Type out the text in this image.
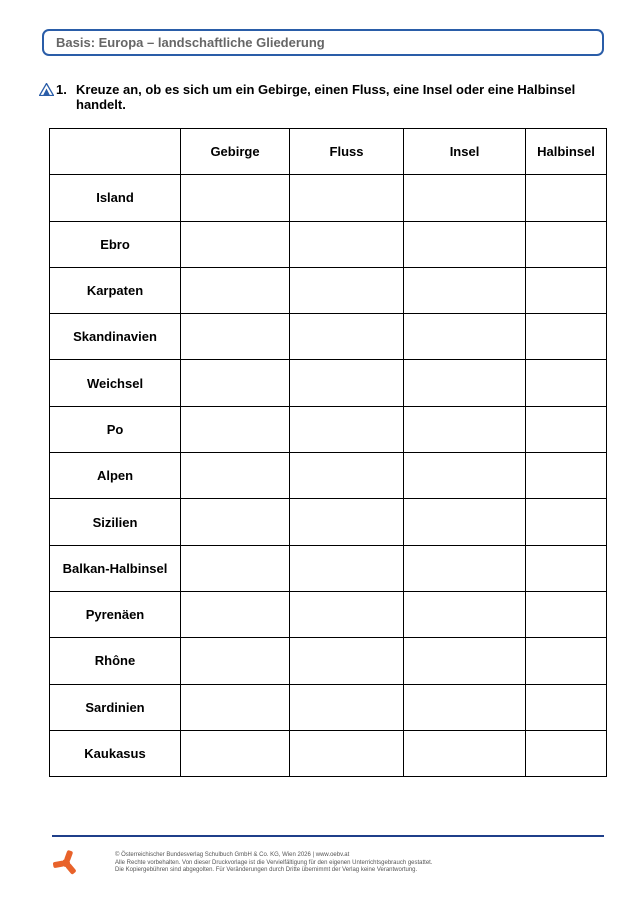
Basis: Europa – landschaftliche Gliederung
1. Kreuze an, ob es sich um ein Gebirge, einen Fluss, eine Insel oder eine Halbinsel handelt.
	Gebirge	Fluss	Insel	Halbinsel
Island				
Ebro				
Karpaten				
Skandinavien				
Weichsel				
Po				
Alpen				
Sizilien				
Balkan-Halbinsel				
Pyrenäen				
Rhône				
Sardinien				
Kaukasus				
© Österreichischer Bundesverlag Schulbuch GmbH & Co. KG, Wien 2026 | www.oebv.at
Alle Rechte vorbehalten. Von dieser Druckvorlage ist die Vervielfältigung für den eigenen Unterrichtsgebrauch gestattet.
Die Kopiergebühren sind abgegolten. Für Veränderungen durch Dritte übernimmt der Verlag keine Verantwortung.
